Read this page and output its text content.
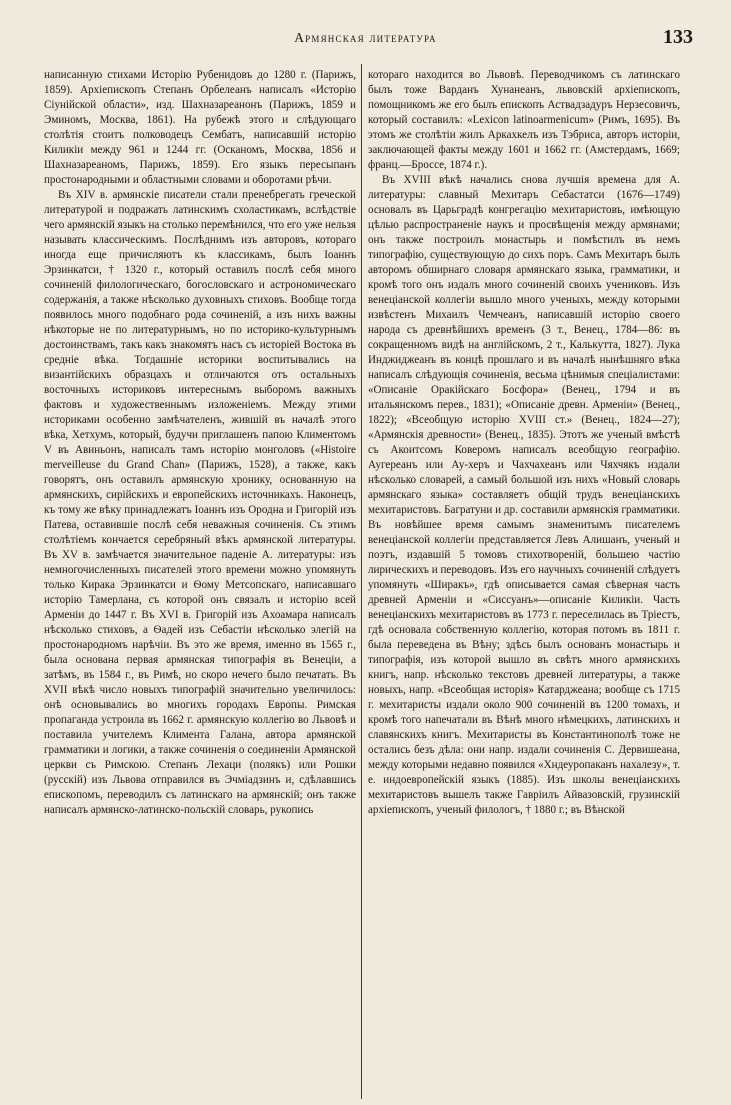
Армянская литература	133

написанную стихами Исторію Рубенидовъ до 1280 г. (Парижъ, 1859). Архіепископъ Степанъ Орбелеанъ написалъ «Исторію Сіунійской области», изд. Шахназареанонъ (Парижъ, 1859 и Эминомъ, Москва, 1861). На рубежѣ этого и слѣдующаго столѣтія стоитъ полководецъ Сембатъ, написавшій исторію Киликіи между 961 и 1244 гг. (Осканомъ, Москва, 1856 и Шахназареаномъ, Парижъ, 1859). Его языкъ пересыпанъ простонародными и областными словами и оборотами рѣчи.

Въ XIV в. армянскіе писатели стали пренебрегать греческой литературой и подражать латинскимъ схоластикамъ, вслѣдствіе чего армянскій языкъ на столько перемѣнился, что его уже нельзя называть классическимъ. Послѣднимъ изъ авторовъ, котораго иногда еще причисляютъ къ классикамъ, былъ Іоаннъ Эрзинкатси, † 1320 г., который оставилъ послѣ себя много сочиненій филологическаго, богословскаго и астрономическаго содержанія, а также нѣсколько духовныхъ стиховъ. Вообще тогда появилось много подобнаго рода сочиненій, а изъ нихъ важны нѣкоторые не по литературнымъ, но по историко-культурнымъ достоинствамъ, такъ какъ знакомятъ насъ съ исторіей Востока въ средніе вѣка. Тогдашніе историки воспитывались на византійскихъ образцахъ и отличаются отъ остальныхъ восточныхъ историковъ интереснымъ выборомъ важныхъ фактовъ и художественнымъ изложеніемъ. Между этими историками особенно замѣчателенъ, жившій въ началѣ этого вѣка, Хетхумъ, который, будучи приглашенъ папою Климентомъ V въ Авиньонъ, написалъ тамъ исторію монголовъ («Histoire merveilleuse du Grand Chan» (Парижъ, 1528), а также, какъ говорятъ, онъ оставилъ армянскую хронику, основанную на армянскихъ, сирійскихъ и европейскихъ источникахъ. Наконецъ, къ тому же вѣку принадлежатъ Іоаннъ изъ Ородна и Григорій изъ Патева, оставившіе послѣ себя неважныя сочиненія. Съ этимъ столѣтіемъ кончается серебряный вѣкъ армянской литературы. Въ XV в. замѣчается значительное паденіе А. литературы: изъ немногочисленныхъ писателей этого времени можно упомянуть только Кирака Эрзинкатси и Ѳому Метсопскаго, написавшаго исторію Тамерлана, съ которой онъ связалъ и исторію всей Арменіи до 1447 г. Въ XVI в. Григорій изъ Ахоамара написалъ нѣсколько стиховъ, а Ѳадей изъ Себастіи нѣсколько элегій на простонародномъ нарѣчіи. Въ это же время, именно въ 1565 г., была основана первая армянская типографія въ Венеціи, а затѣмъ, въ 1584 г., въ Римѣ, но скоро нечего было печатать. Въ XVII вѣкѣ число новыхъ типографій значительно увеличилось: онѣ основывались во многихъ городахъ Европы. Римская пропаганда устроила въ 1662 г. армянскую коллегію во Львовѣ и поставила учителемъ Климента Галана, автора армянской грамматики и логики, а также сочиненія о соединеніи Армянской церкви съ Римскою. Степанъ Лехаци (полякъ) или Рошки (русскій) изъ Львова отправился въ Эчміадзинъ и, сдѣлавшись епископомъ, переводилъ съ латинскаго на армянскій; онъ также написалъ армянско-латинско-польскій словарь, рукопись

котораго находится во Львовѣ. Переводчикомъ съ латинскаго былъ тоже Варданъ Хунанеанъ, львовскій архіепископъ, помощникомъ же его былъ епископъ Аствадзадуръ Нерзесовичъ, который составилъ: «Lexicon latinoarmenicum» (Римъ, 1695). Въ этомъ же столѣтіи жилъ Аркахкелъ изъ Тэбриса, авторъ исторіи, заключающей факты между 1601 и 1662 гг. (Амстердамъ, 1669; франц.—Броссе, 1874 г.).

Въ XVIII вѣкѣ начались снова лучшія времена для А. литературы: славный Мехитаръ Себастатси (1676—1749) основалъ въ Царьградѣ конгрегацію мехитаристовъ, имѣющую цѣлью распространеніе наукъ и просвѣщенія между армянами; онъ также построилъ монастырь и помѣстилъ въ немъ типографію, существующую до сихъ поръ. Самъ Мехитаръ былъ авторомъ обширнаго словаря армянскаго языка, грамматики, и кромѣ того онъ издалъ много сочиненій своихъ учениковъ. Изъ венеціанской коллегіи вышло много ученыхъ, между которыми извѣстенъ Михаилъ Чемчеанъ, написавшій исторію своего народа съ древнѣйшихъ временъ (3 т., Венец., 1784—86: въ сокращенномъ видѣ на англійскомъ, 2 т., Калькутта, 1827). Лука Инджиджеанъ въ концѣ прошлаго и въ началѣ нынѣшняго вѣка написалъ слѣдующія сочиненія, весьма цѣнимыя спеціалистами: «Описаніе Оракійскаго Босфора» (Венец., 1794 и въ итальянскомъ перев., 1831); «Описаніе древн. Арменіи» (Венец., 1822); «Всеобщую исторію XVIII ст.» (Венец., 1824—27); «Армянскія древности» (Венец., 1835). Этотъ же ученый вмѣстѣ съ Акоитсомъ Коверомъ написалъ всеобщую географію. Аугереанъ или Ау-херъ и Чахчахеанъ или Чяхчякъ издали нѣсколько словарей, а самый большой изъ нихъ «Новый словарь армянскаго языка» составляетъ общій трудъ венеціанскихъ мехитаристовъ. Багратуни и др. составили армянскія грамматики. Въ новѣйшее время самымъ знаменитымъ писателемъ венеціанской коллегіи представляется Левъ Алишанъ, ученый и поэтъ, издавшій 5 томовъ стихотвореній, большею частію лирическихъ и переводовъ. Изъ его научныхъ сочиненій слѣдуетъ упомянуть «Ширакъ», гдѣ описывается самая сѣверная часть древней Арменіи и «Сиссуанъ»—описаніе Киликіи. Часть венеціанскихъ мехитаристовъ въ 1773 г. переселилась въ Тріестъ, гдѣ основала собственную коллегію, которая потомъ въ 1811 г. была переведена въ Вѣну; здѣсь былъ основанъ монастырь и типографія, изъ которой вышло въ свѣтъ много армянскихъ книгъ, напр. нѣсколько текстовъ древней литературы, а также новыхъ, напр. «Всеобщая исторія» Катарджеана; вообще съ 1715 г. мехитаристы издали около 900 сочиненій въ 1200 томахъ, и кромѣ того напечатали въ Вѣнѣ много нѣмецкихъ, латинскихъ и славянскихъ книгъ. Мехитаристы въ Константинополѣ тоже не остались безъ дѣла: они напр. издали сочиненія С. Дервишеана, между которыми недавно появился «Хндеуропаканъ нахалезу», т. е. индоевропейскій языкъ (1885). Изъ школы венеціанскихъ мехитаристовъ вышелъ также Гавріилъ Айвазовскій, грузинскій архіепископъ, ученый филологъ, † 1880 г.; въ Вѣнской
